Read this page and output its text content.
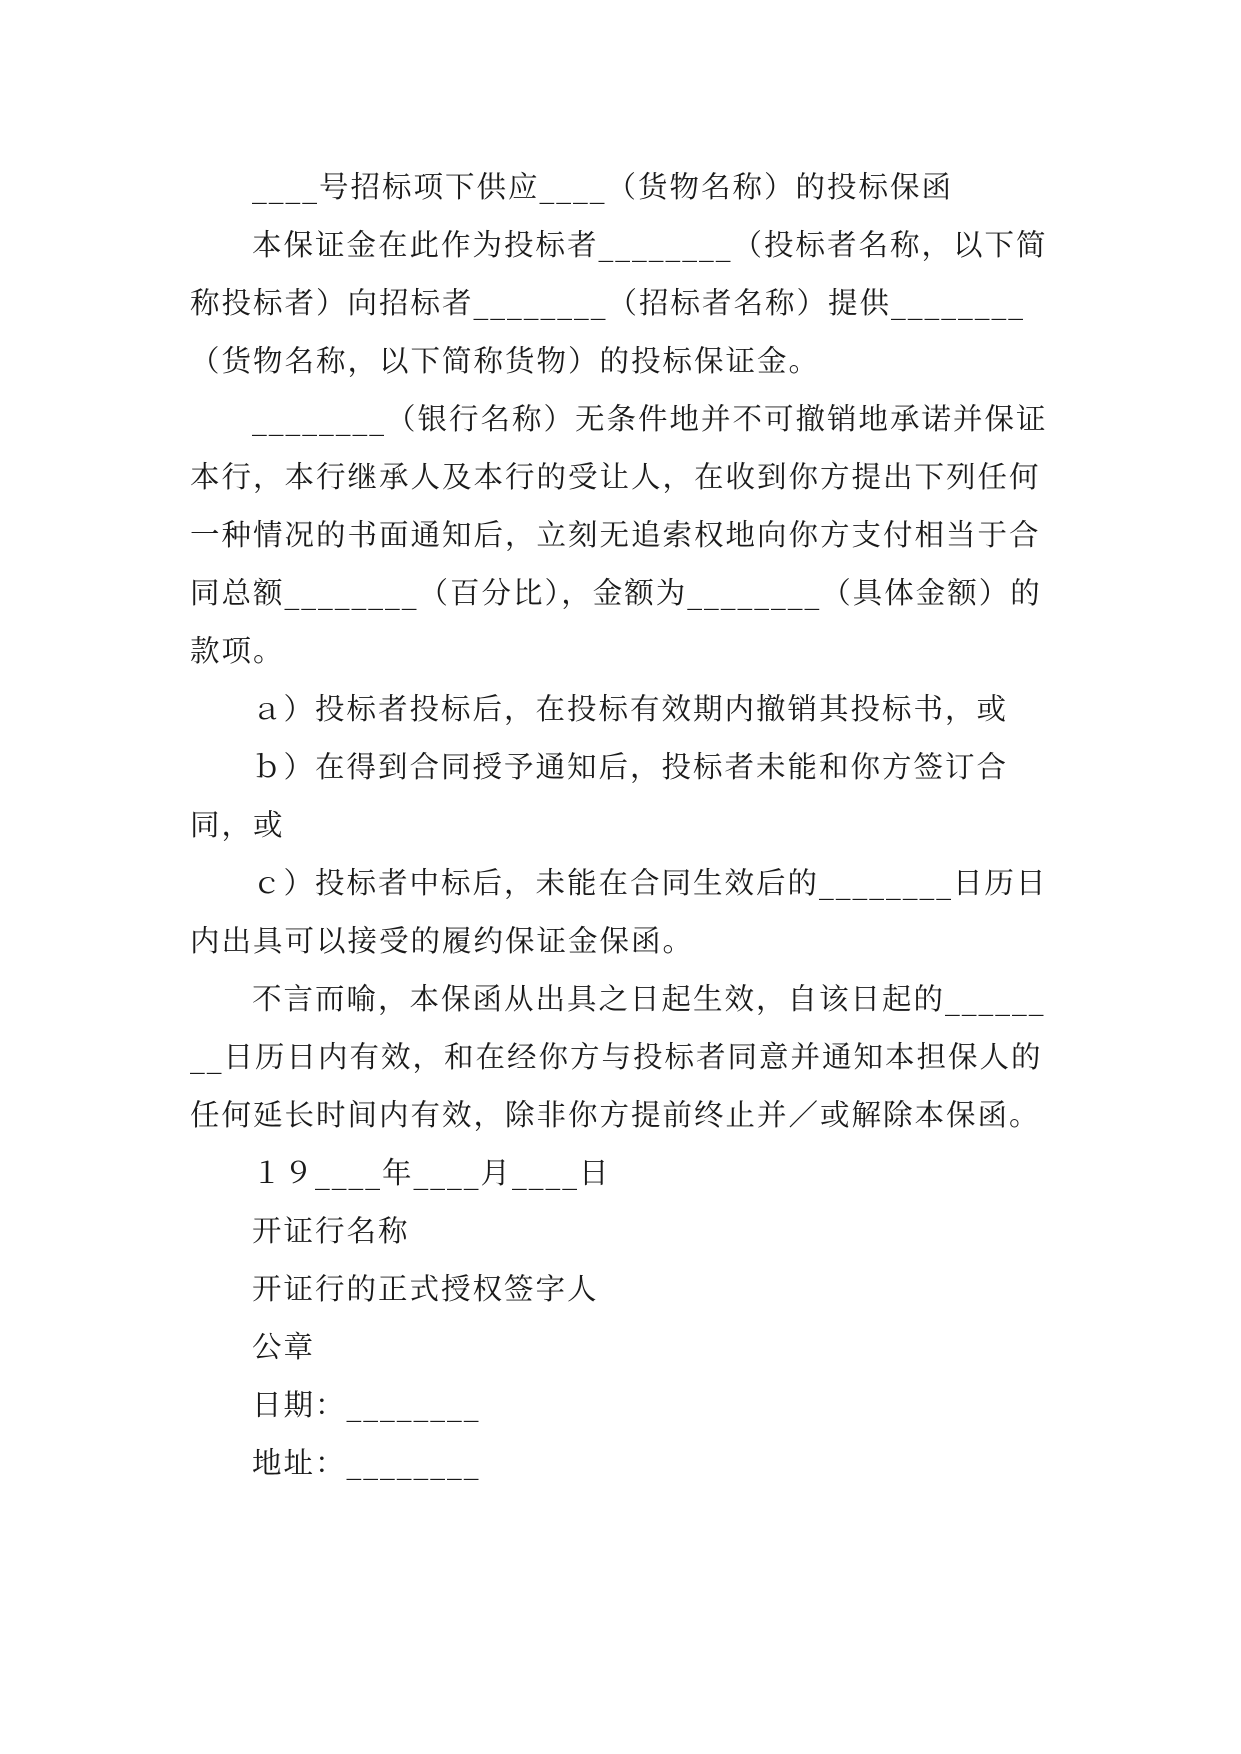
____号招标项下供应____（货物名称）的投标保函

本保证金在此作为投标者________（投标者名称，以下简称投标者）向招标者________（招标者名称）提供________（货物名称，以下简称货物）的投标保证金。

________（银行名称）无条件地并不可撤销地承诺并保证本行，本行继承人及本行的受让人，在收到你方提出下列任何一种情况的书面通知后，立刻无追索权地向你方支付相当于合同总额________（百分比），金额为________（具体金额）的款项。

ａ）投标者投标后，在投标有效期内撤销其投标书，或

ｂ）在得到合同授予通知后，投标者未能和你方签订合同，或

ｃ）投标者中标后，未能在合同生效后的________日历日内出具可以接受的履约保证金保函。

不言而喻，本保函从出具之日起生效，自该日起的________日历日内有效，和在经你方与投标者同意并通知本担保人的任何延长时间内有效，除非你方提前终止并／或解除本保函。

１９____年____月____日

开证行名称

开证行的正式授权签字人

公章

日期：________

地址：________
